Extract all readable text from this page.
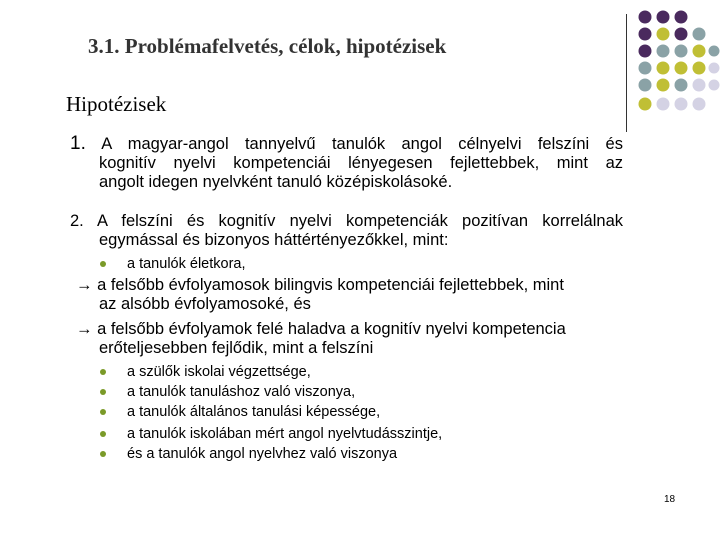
3.1. Problémafelvetés, célok, hipotézisek
Hipotézisek
1. A magyar-angol tannyelvű tanulók angol célnyelvi felszíni és
kognitív nyelvi kompetenciái lényegesen fejlettebbek, mint az
angolt idegen nyelvként tanuló középiskolásoké.
2. A felszíni és kognitív nyelvi kompetenciák pozitívan korrelálnak
egymással és bizonyos háttértényezőkkel, mint:
a tanulók életkora,
→ a felsőbb évfolyamosok bilingvis kompetenciái fejlettebbek, mint
az alsóbb évfolyamosoké, és
→ a felsőbb évfolyamok felé haladva a kognitív nyelvi kompetencia
erőteljesebben fejlődik, mint a felszíni
a szülők iskolai végzettsége,
a tanulók tanuláshoz való viszonya,
a tanulók általános tanulási képessége,
a tanulók iskolában mért angol nyelvtudásszintje,
és a tanulók angol nyelvhez való viszonya
18
